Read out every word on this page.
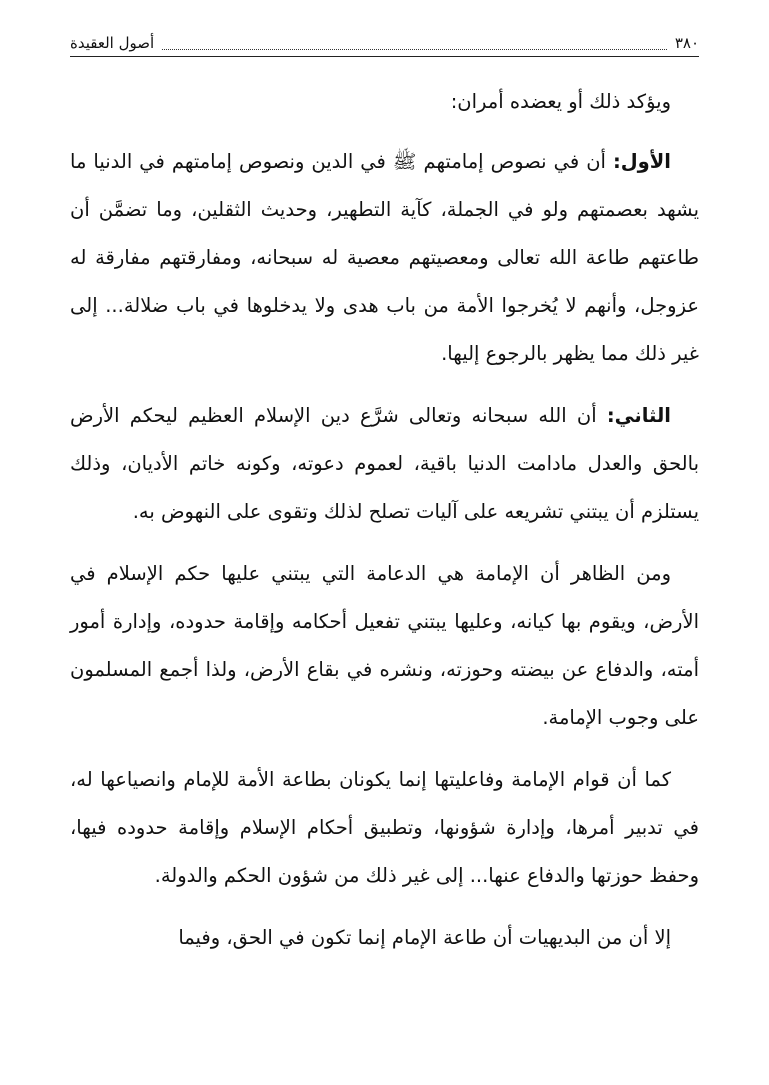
٣٨٠
أصول العقيدة

ويؤكد ذلك أو يعضده أمران:

الأول: أن في نصوص إمامتهم ﷺ في الدين ونصوص إمامتهم في الدنيا ما يشهد بعصمتهم ولو في الجملة، كآية التطهير، وحديث الثقلين، وما تضمَّن أن طاعتهم طاعة الله تعالى ومعصيتهم معصية له سبحانه، ومفارقتهم مفارقة له عزوجل، وأنهم لا يُخرجوا الأمة من باب هدى ولا يدخلوها في باب ضلالة... إلى غير ذلك مما يظهر بالرجوع إليها.

الثاني: أن الله سبحانه وتعالى شرَّع دين الإسلام العظيم ليحكم الأرض بالحق والعدل مادامت الدنيا باقية، لعموم دعوته، وكونه خاتم الأديان، وذلك يستلزم أن يبتني تشريعه على آليات تصلح لذلك وتقوى على النهوض به.

ومن الظاهر أن الإمامة هي الدعامة التي يبتني عليها حكم الإسلام في الأرض، ويقوم بها كيانه، وعليها يبتني تفعيل أحكامه وإقامة حدوده، وإدارة أمور أمته، والدفاع عن بيضته وحوزته، ونشره في بقاع الأرض، ولذا أجمع المسلمون على وجوب الإمامة.

كما أن قوام الإمامة وفاعليتها إنما يكونان بطاعة الأمة للإمام وانصياعها له، في تدبير أمرها، وإدارة شؤونها، وتطبيق أحكام الإسلام وإقامة حدوده فيها، وحفظ حوزتها والدفاع عنها... إلى غير ذلك من شؤون الحكم والدولة.

إلا أن من البديهيات أن طاعة الإمام إنما تكون في الحق، وفيما
